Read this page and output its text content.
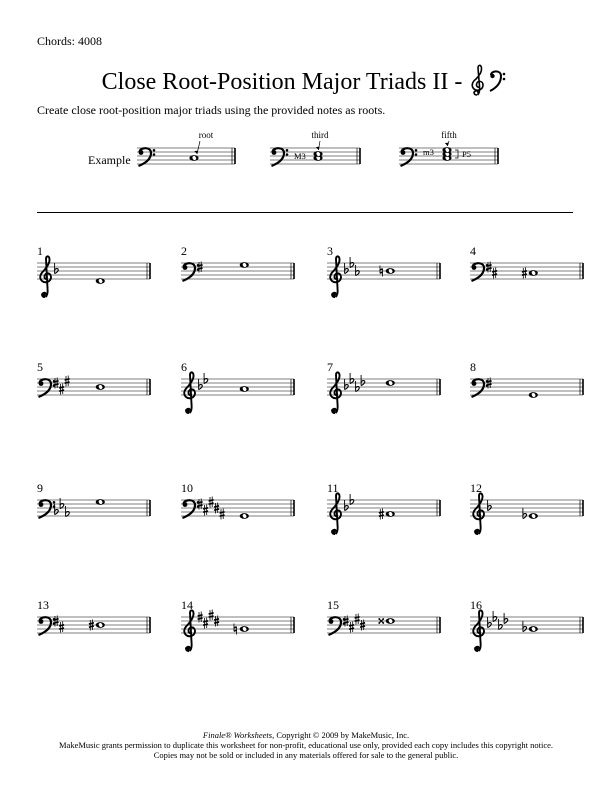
Chords: 4008
Close Root-Position Major Triads II -
Create close root-position major triads using the provided notes as roots.
Example
1	2	3	4
5	6	7	8
9	10	11	12
13	14	15	16
root	third
M3
fifth
m3	P5
Finale® Worksheets, Copyright © 2009 by MakeMusic, Inc.
MakeMusic grants permission to duplicate this worksheet for non-profit, educational use only, provided each copy includes this copyright notice.
Copies may not be sold or included in any materials offered for sale to the general public.
